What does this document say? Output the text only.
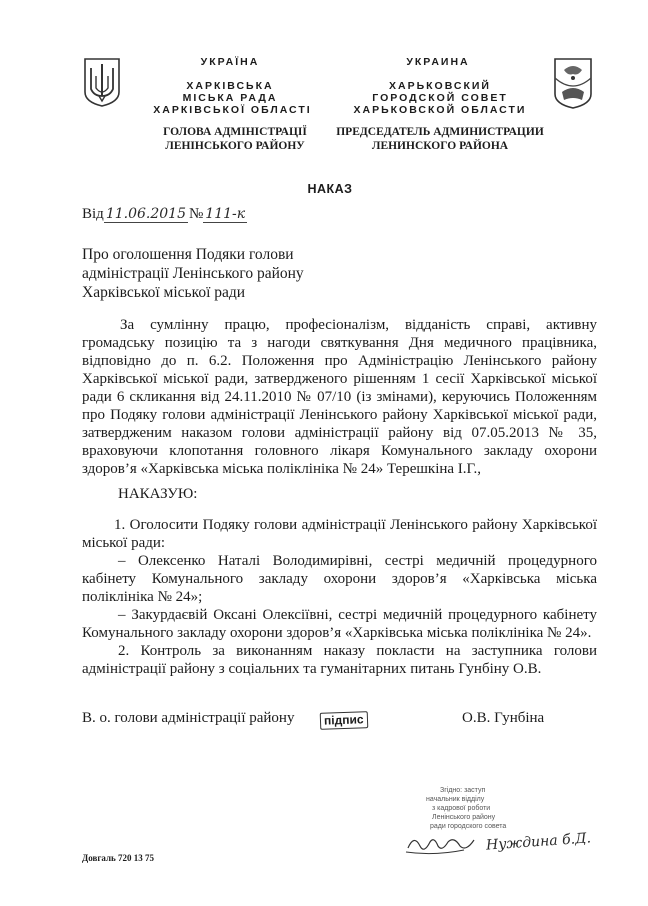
УКРАЇНА
ХАРКІВСЬКА
МІСЬКА РАДА
ХАРКІВСЬКОЇ ОБЛАСТІ
ГОЛОВА АДМІНІСТРАЦІЇ
ЛЕНІНСЬКОГО РАЙОНУ
УКРАИНА
ХАРЬКОВСКИЙ
ГОРОДСКОЙ СОВЕТ
ХАРЬКОВСКОЙ ОБЛАСТИ
ПРЕДСЕДАТЕЛЬ АДМИНИСТРАЦИИ
ЛЕНИНСКОГО РАЙОНА
НАКАЗ
Від 11.06.2015 № 111-к
Про оголошення Подяки голови
адміністрації Ленінського району
Харківської міської ради
За сумлінну працю, професіоналізм, відданість справі, активну громадську позицію та з нагоди святкування Дня медичного працівника, відповідно до п. 6.2. Положення про Адміністрацію Ленінського району Харківської міської ради, затвердженого рішенням 1 сесії Харківської міської ради 6 скликання від 24.11.2010 № 07/10 (із змінами), керуючись Положенням про Подяку голови адміністрації Ленінського району Харківської міської ради, затвердженим наказом голови адміністрації району від 07.05.2013 № 35, враховуючи клопотання головного лікаря Комунального закладу охорони здоров’я «Харківська міська поліклініка № 24» Терешкіна І.Г.,
НАКАЗУЮ:
1. Оголосити Подяку голови адміністрації Ленінського району Харківської міської ради:
– Олексенко Наталі Володимирівні, сестрі медичній процедурного кабінету Комунального закладу охорони здоров’я «Харківська міська поліклініка № 24»;
– Закурдаєвій Оксані Олексіївні, сестрі медичній процедурного кабінету Комунального закладу охорони здоров’я «Харківська міська поліклініка № 24».
2. Контроль за виконанням наказу покласти на заступника голови адміністрації району з соціальних та гуманітарних питань Гунбіну О.В.
В. о. голови адміністрації району	підпис	О.В. Гунбіна
Згідно: заступ
начальник відділу
з кадрової роботи
Ленінського району
ради городского совета
Нуждина б.Д.
Довгаль 720 13 75
